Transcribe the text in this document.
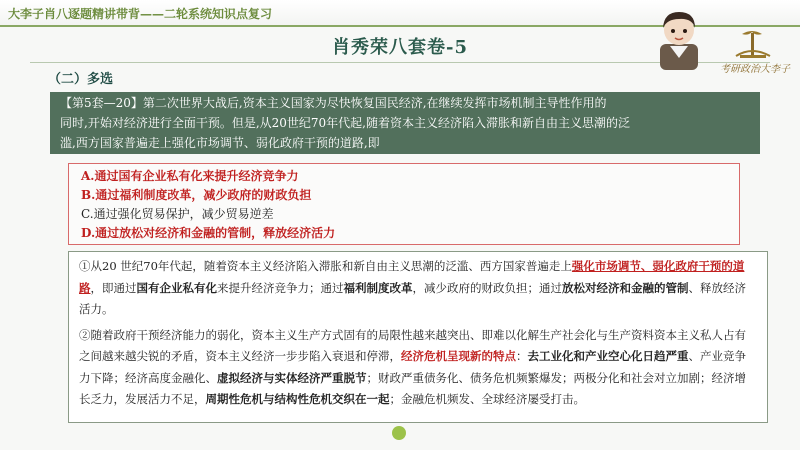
大李子肖八逐题精讲带背——二轮系统知识点复习
肖秀荣八套卷-5
考研政治大李子
（二）多选

【第5套—20】第二次世界大战后,资本主义国家为尽快恢复国民经济,在继续发挥市场机制主导性作用的

同时,开始对经济进行全面干预。但是,从20世纪70年代起,随着资本主义经济陷入滞胀和新自由主义思潮的泛

滥,西方国家普遍走上强化市场调节、弱化政府干预的道路,即

A.通过国有企业私有化来提升经济竞争力
B.通过福利制度改革，减少政府的财政负担
C.通过强化贸易保护，减少贸易逆差
D.通过放松对经济和金融的管制，释放经济活力

①从20 世纪70年代起，随着资本主义经济陷入滞胀和新自由主义思潮的泛滥、西方国家普遍走上强化市场调节、弱化政府干预的道路，即通过国有企业私有化来提升经济竞争力；通过福利制度改革，减少政府的财政负担；通过放松对经济和金融的管制、释放经济活力。

②随着政府干预经济能力的弱化，资本主义生产方式固有的局限性越来越突出、即难以化解生产社会化与生产资料资本主义私人占有之间越来越尖锐的矛盾，资本主义经济一步步陷入衰退和停滞，经济危机呈现新的特点：去工业化和产业空心化日趋严重、产业竞争力下降；经济高度金融化、虚拟经济与实体经济严重脱节；财政严重债务化、债务危机频繁爆发；两极分化和社会对立加剧；经济增长乏力，发展活力不足，周期性危机与结构性危机交织在一起；金融危机频发、全球经济屡受打击。
